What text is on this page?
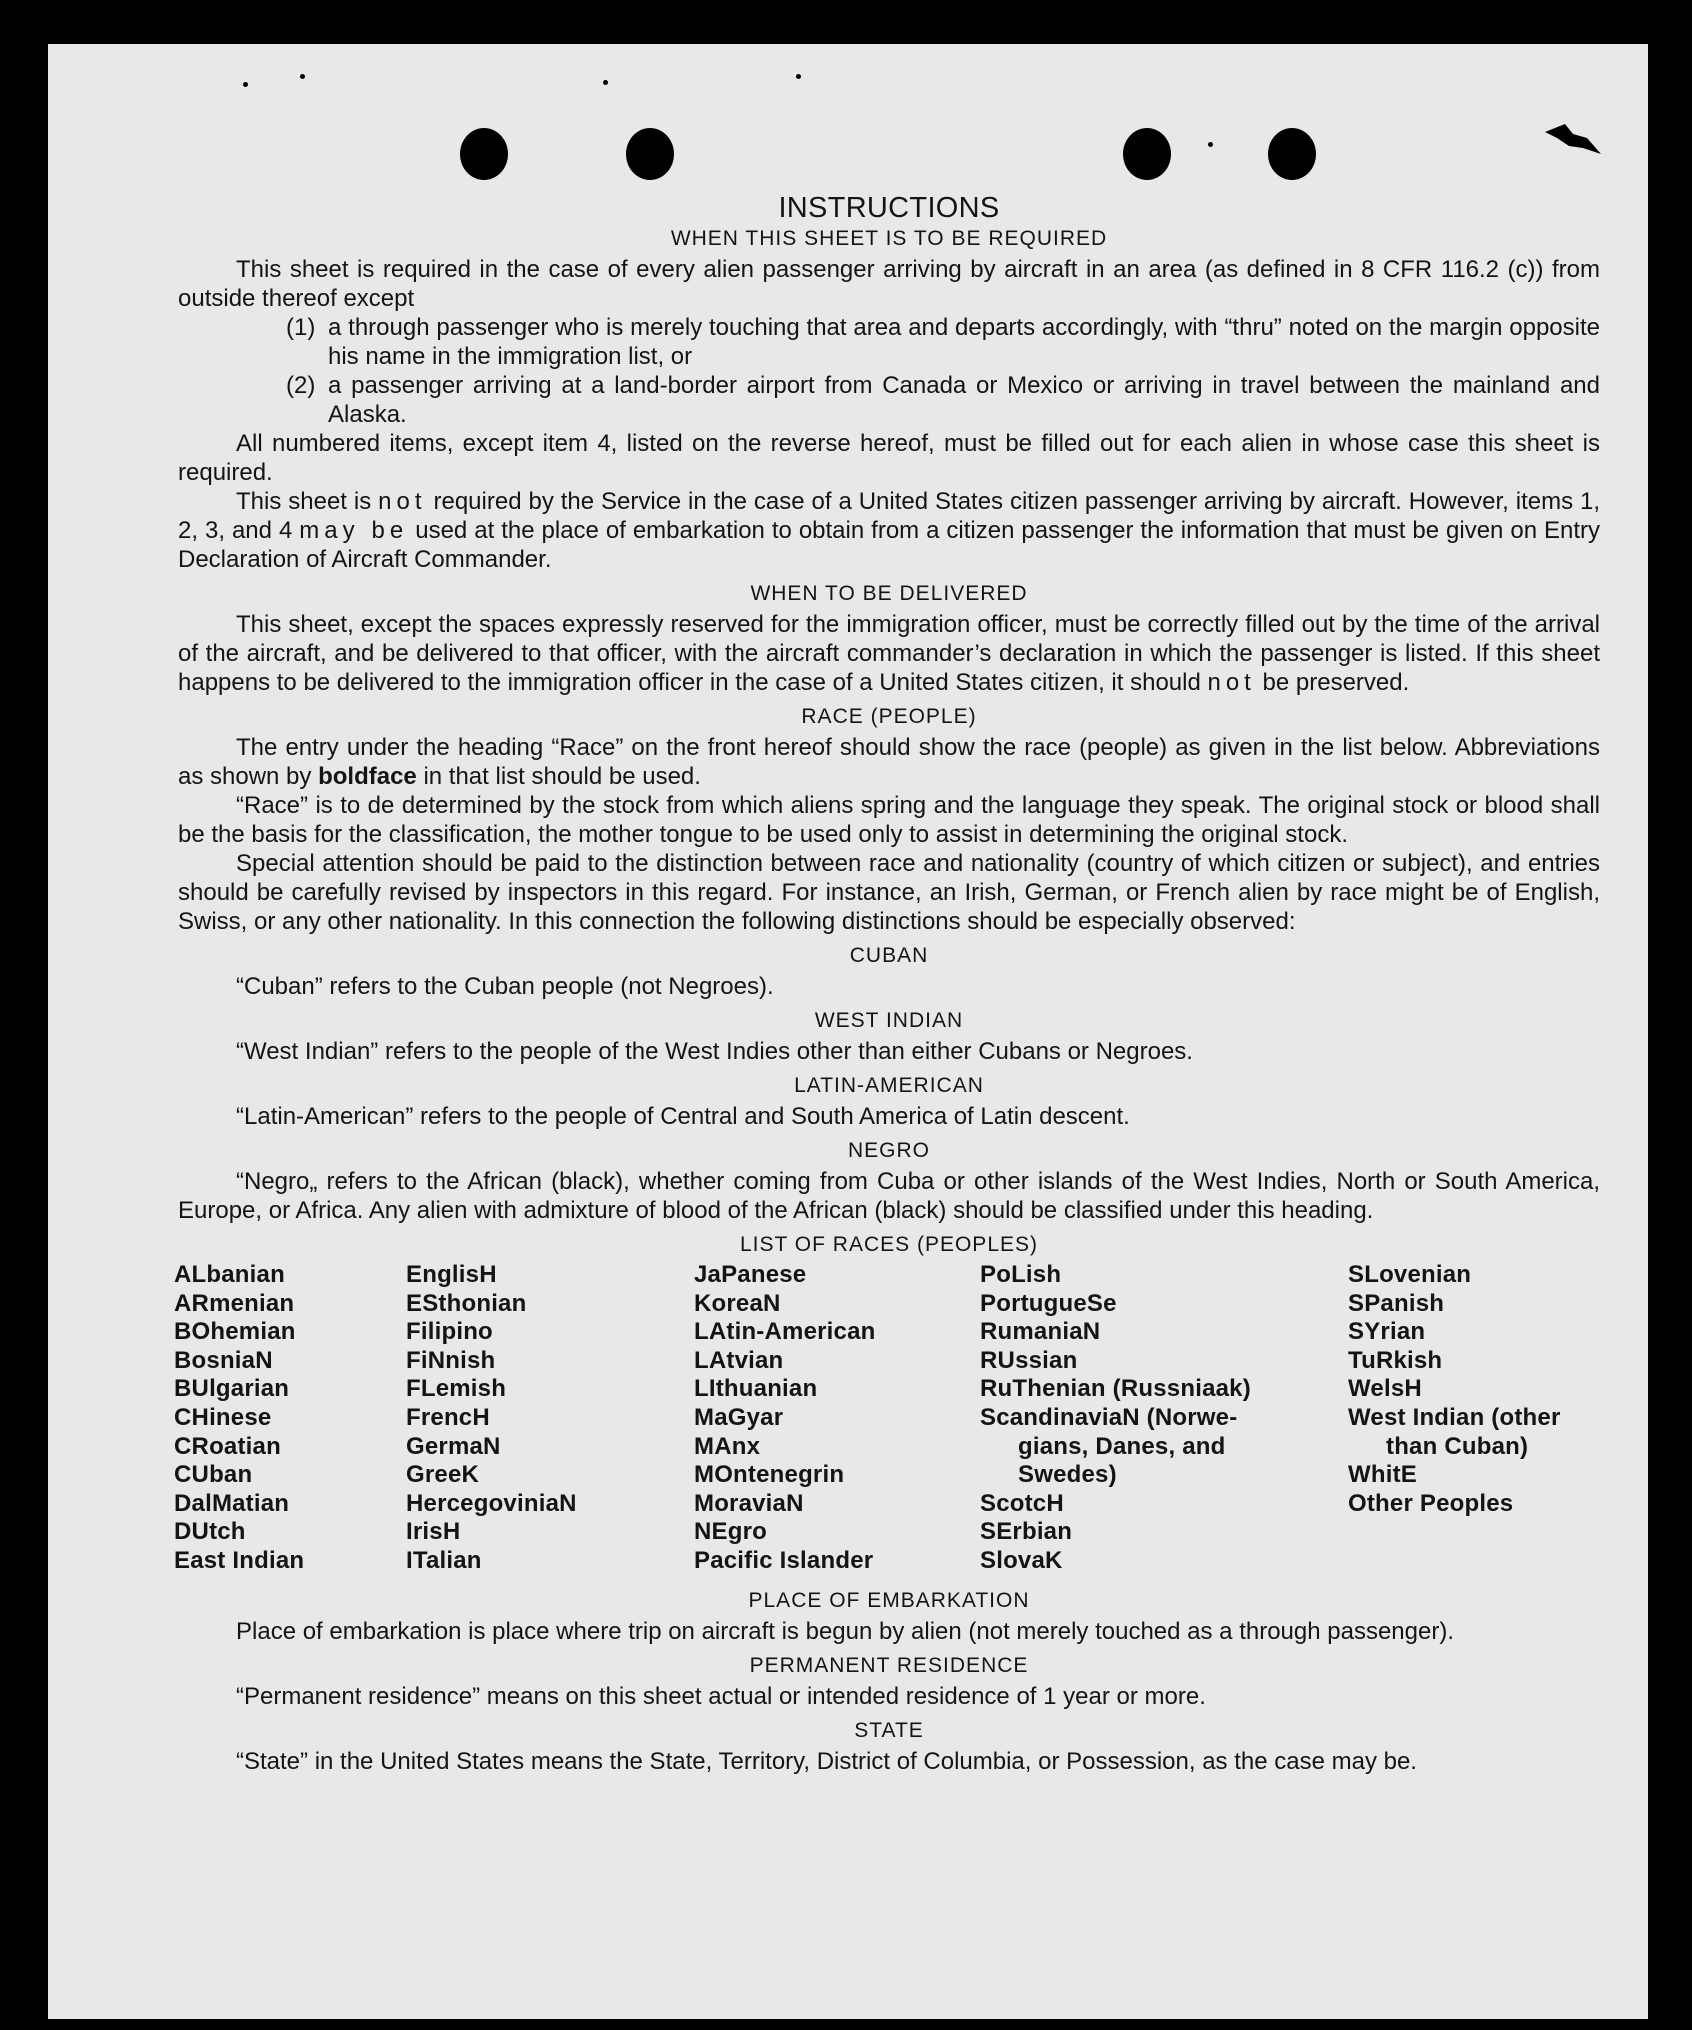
INSTRUCTIONS
WHEN THIS SHEET IS TO BE REQUIRED

This sheet is required in the case of every alien passenger arriving by aircraft in an area (as defined in 8 CFR 116.2 (c)) from outside thereof except

(1) a through passenger who is merely touching that area and departs accordingly, with “thru” noted on the margin opposite his name in the immigration list, or
(2) a passenger arriving at a land-border airport from Canada or Mexico or arriving in travel between the mainland and Alaska.

All numbered items, except item 4, listed on the reverse hereof, must be filled out for each alien in whose case this sheet is required.

This sheet is not required by the Service in the case of a United States citizen passenger arriving by aircraft. However, items 1, 2, 3, and 4 may be used at the place of embarkation to obtain from a citizen passenger the information that must be given on Entry Declaration of Aircraft Commander.

WHEN TO BE DELIVERED

This sheet, except the spaces expressly reserved for the immigration officer, must be correctly filled out by the time of the arrival of the aircraft, and be delivered to that officer, with the aircraft commander’s declaration in which the passenger is listed. If this sheet happens to be delivered to the immigration officer in the case of a United States citizen, it should not be preserved.

RACE (PEOPLE)

The entry under the heading “Race” on the front hereof should show the race (people) as given in the list below. Abbreviations as shown by boldface in that list should be used.

“Race” is to de determined by the stock from which aliens spring and the language they speak. The original stock or blood shall be the basis for the classification, the mother tongue to be used only to assist in determining the original stock.

Special attention should be paid to the distinction between race and nationality (country of which citizen or subject), and entries should be carefully revised by inspectors in this regard. For instance, an Irish, German, or French alien by race might be of English, Swiss, or any other nationality. In this connection the following distinctions should be especially observed:

CUBAN

“Cuban” refers to the Cuban people (not Negroes).

WEST INDIAN

“West Indian” refers to the people of the West Indies other than either Cubans or Negroes.

LATIN-AMERICAN

“Latin-American” refers to the people of Central and South America of Latin descent.

NEGRO

“Negro„ refers to the African (black), whether coming from Cuba or other islands of the West Indies, North or South America, Europe, or Africa. Any alien with admixture of blood of the African (black) should be classified under this heading.

LIST OF RACES (PEOPLES)
ALbanian
ARmenian
BOhemian
BosniaN
BUlgarian
CHinese
CRoatian
CUban
DalMatian
DUtch
East Indian
EnglisH
ESthonian
Filipino
FiNnish
FLemish
FrencH
GermaN
GreeK
HercegoviniaN
IrisH
ITalian
JaPanese
KoreaN
LAtin-American
LAtvian
LIthuanian
MaGyar
MAnx
MOntenegrin
MoraviaN
NEgro
Pacific Islander
PoLish
PortugueSe
RumaniaN
RUssian
RuThenian (Russniaak)
ScandinaviaN (Norwe-
gians, Danes, and
Swedes)
ScotcH
SErbian
SlovaK
SLovenian
SPanish
SYrian
TuRkish
WelsH
West Indian (other
than Cuban)
WhitE
Other Peoples
PLACE OF EMBARKATION

Place of embarkation is place where trip on aircraft is begun by alien (not merely touched as a through passenger).

PERMANENT RESIDENCE

“Permanent residence” means on this sheet actual or intended residence of 1 year or more.

STATE

“State” in the United States means the State, Territory, District of Columbia, or Possession, as the case may be.
